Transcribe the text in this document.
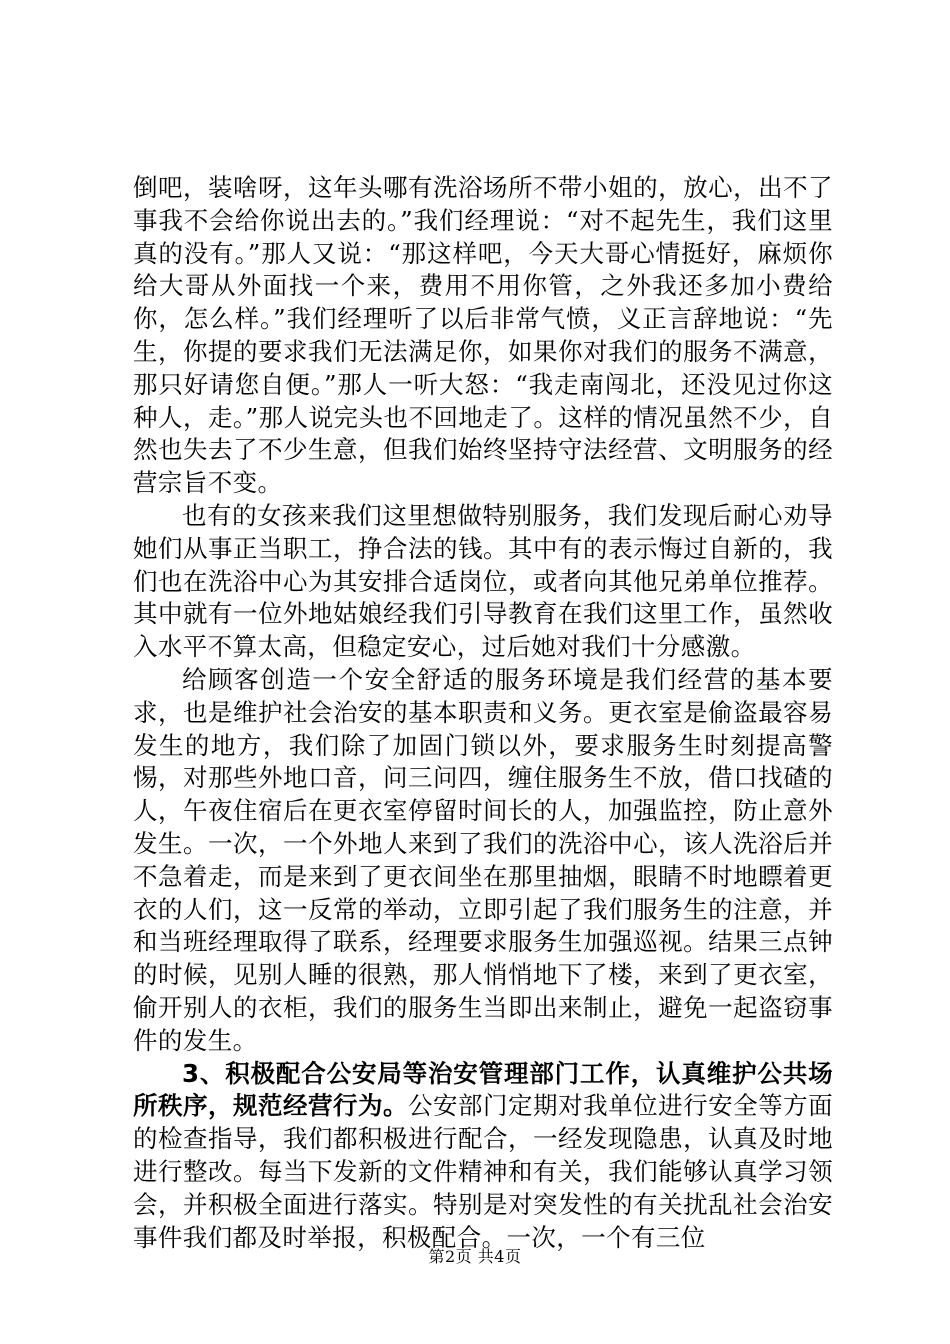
倒吧，装啥呀，这年头哪有洗浴场所不带小姐的，放心，出不了事我不会给你说出去的。”我们经理说：“对不起先生，我们这里真的没有。”那人又说：“那这样吧，今天大哥心情挺好，麻烦你给大哥从外面找一个来，费用不用你管，之外我还多加小费给你，怎么样。”我们经理听了以后非常气愤，义正言辞地说：“先生，你提的要求我们无法满足你，如果你对我们的服务不满意，那只好请您自便。”那人一听大怒：“我走南闯北，还没见过你这种人，走。”那人说完头也不回地走了。这样的情况虽然不少，自然也失去了不少生意，但我们始终坚持守法经营、文明服务的经营宗旨不变。

也有的女孩来我们这里想做特别服务，我们发现后耐心劝导她们从事正当职工，挣合法的钱。其中有的表示悔过自新的，我们也在洗浴中心为其安排合适岗位，或者向其他兄弟单位推荐。其中就有一位外地姑娘经我们引导教育在我们这里工作，虽然收入水平不算太高，但稳定安心，过后她对我们十分感激。

给顾客创造一个安全舒适的服务环境是我们经营的基本要求，也是维护社会治安的基本职责和义务。更衣室是偷盗最容易发生的地方，我们除了加固门锁以外，要求服务生时刻提高警惕，对那些外地口音，问三问四，缠住服务生不放，借口找碴的人，午夜住宿后在更衣室停留时间长的人，加强监控，防止意外发生。一次，一个外地人来到了我们的洗浴中心，该人洗浴后并不急着走，而是来到了更衣间坐在那里抽烟，眼睛不时地瞟着更衣的人们，这一反常的举动，立即引起了我们服务生的注意，并和当班经理取得了联系，经理要求服务生加强巡视。结果三点钟的时候，见别人睡的很熟，那人悄悄地下了楼，来到了更衣室，偷开别人的衣柜，我们的服务生当即出来制止，避免一起盗窃事件的发生。

3、积极配合公安局等治安管理部门工作，认真维护公共场所秩序，规范经营行为。公安部门定期对我单位进行安全等方面的检查指导，我们都积极进行配合，一经发现隐患，认真及时地进行整改。每当下发新的文件精神和有关，我们能够认真学习领会，并积极全面进行落实。特别是对突发性的有关扰乱社会治安事件我们都及时举报，积极配合。一次，一个有三位

第2页 共4页
